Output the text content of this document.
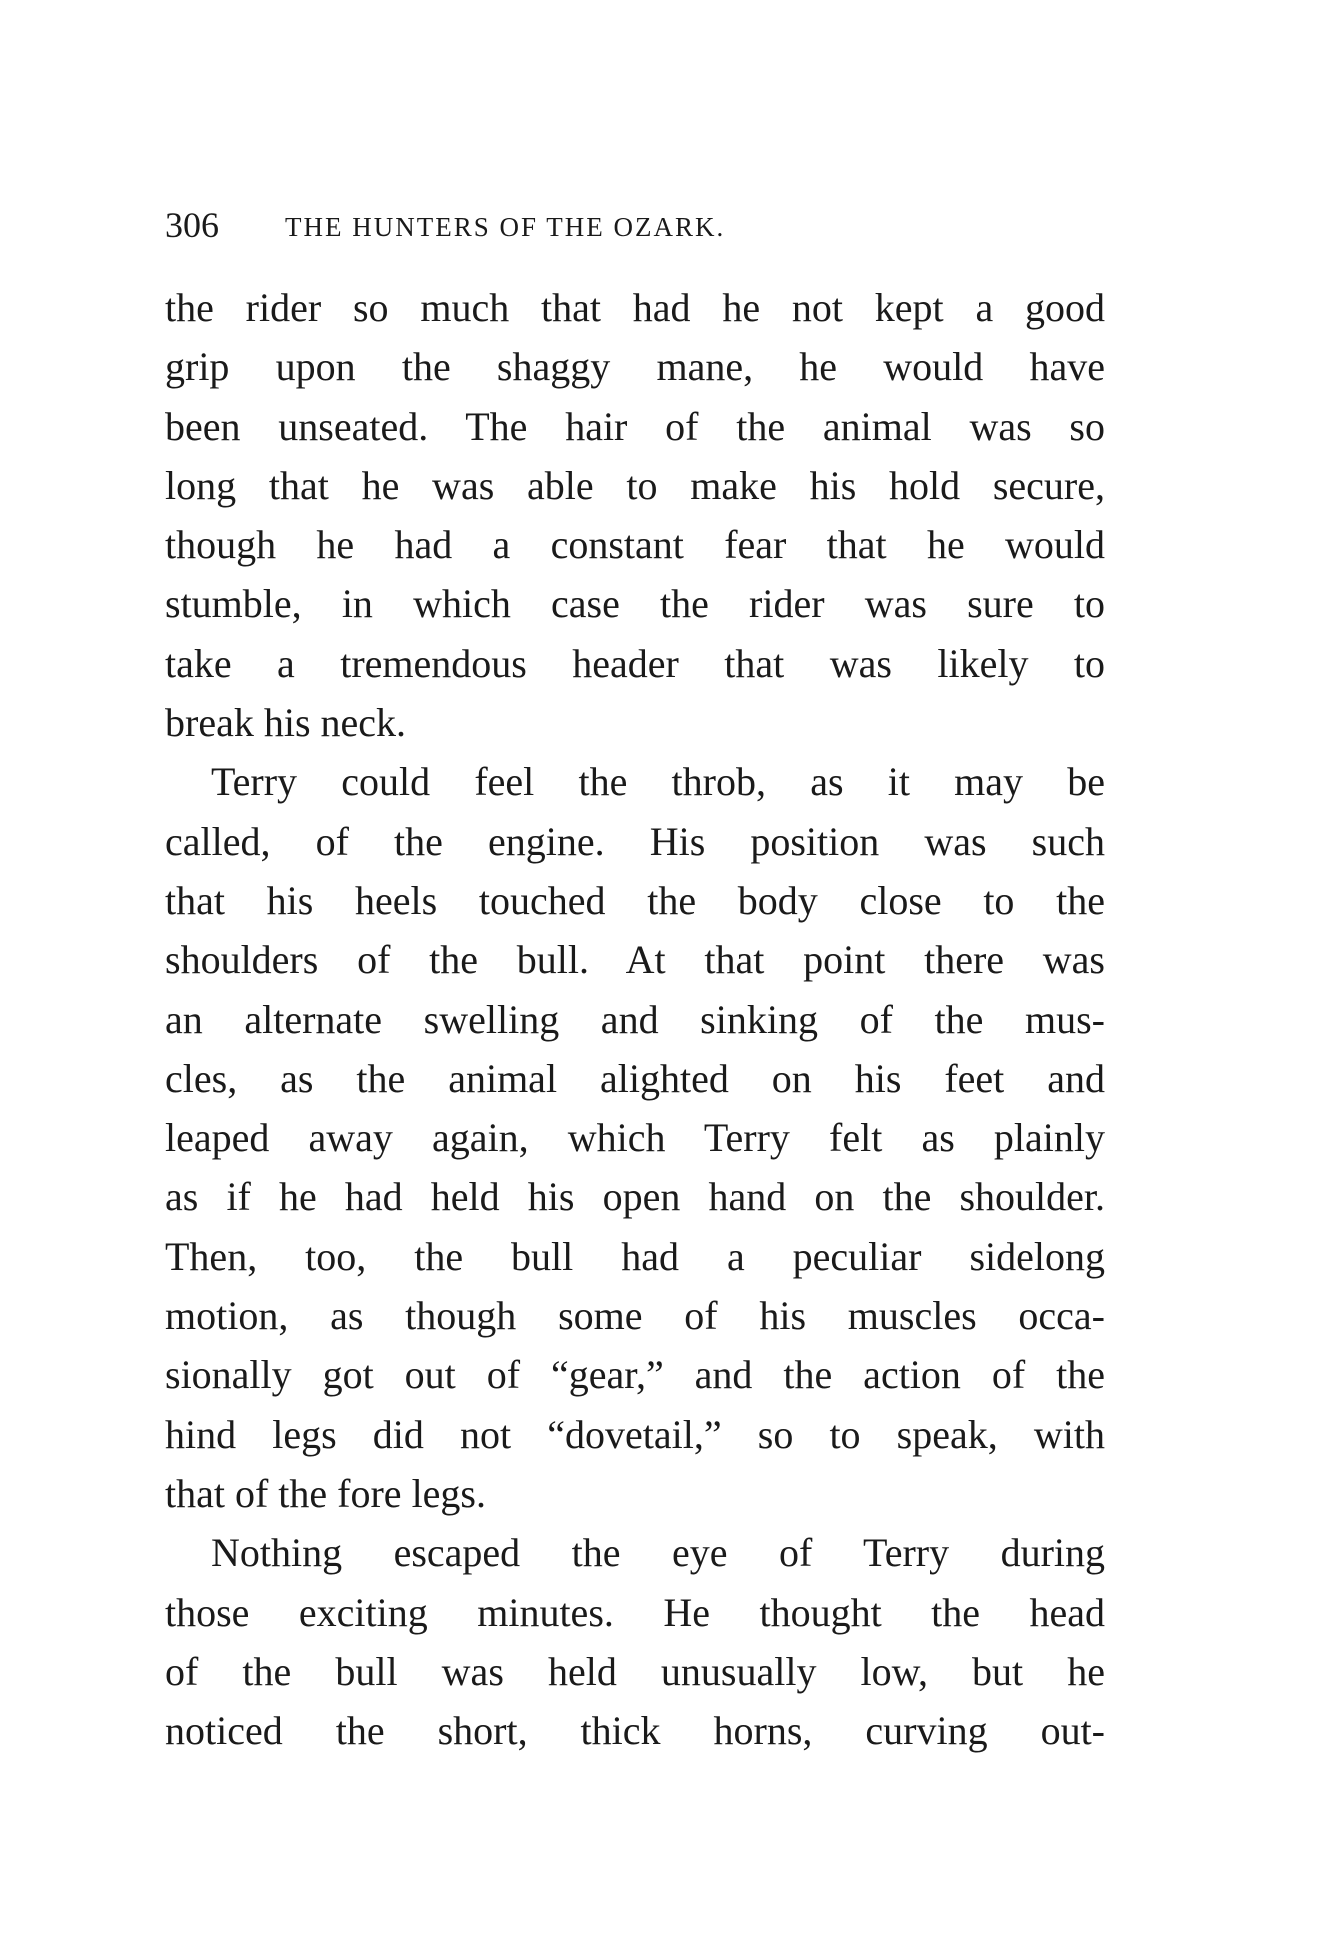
306 THE HUNTERS OF THE OZARK.
the rider so much that had he not kept a good
grip upon the shaggy mane, he would have
been unseated. The hair of the animal was so
long that he was able to make his hold secure,
though he had a constant fear that he would
stumble, in which case the rider was sure to
take a tremendous header that was likely to
break his neck.
Terry could feel the throb, as it may be
called, of the engine. His position was such
that his heels touched the body close to the
shoulders of the bull. At that point there was
an alternate swelling and sinking of the mus-
cles, as the animal alighted on his feet and
leaped away again, which Terry felt as plainly
as if he had held his open hand on the shoulder.
Then, too, the bull had a peculiar sidelong
motion, as though some of his muscles occa-
sionally got out of “gear,” and the action of the
hind legs did not “dovetail,” so to speak, with
that of the fore legs.
Nothing escaped the eye of Terry during
those exciting minutes. He thought the head
of the bull was held unusually low, but he
noticed the short, thick horns, curving out-
